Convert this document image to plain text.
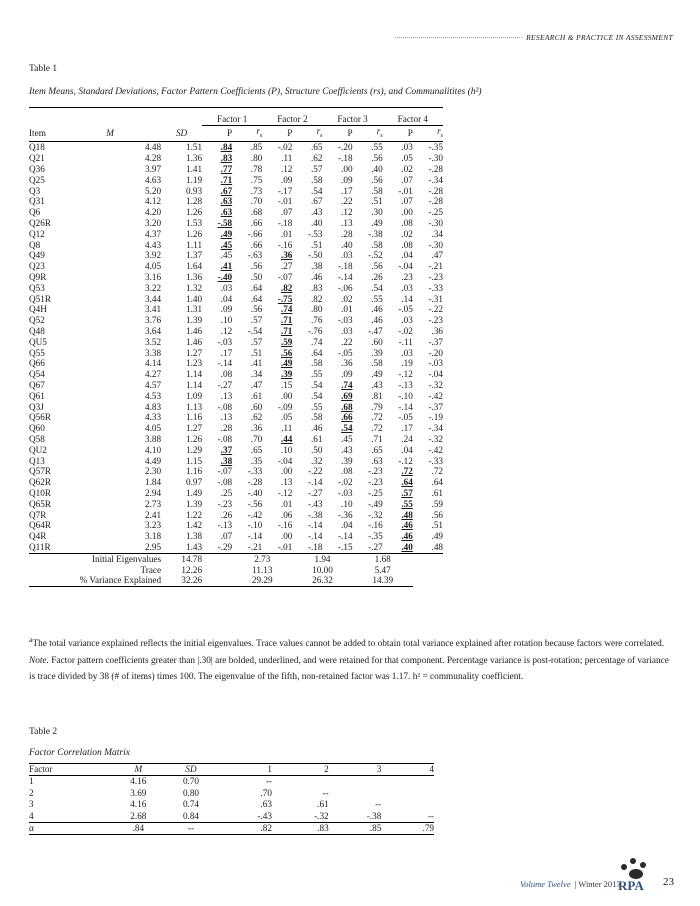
RESEARCH & PRACTICE IN ASSESSMENT
Table 1
Item Means, Standard Deviations, Factor Pattern Coefficients (P), Structure Coefficients (rs), and Communalitites (h²)

			Factor 1		Factor 2		Factor 3		Factor 4	
Item	M	SD	P	$r_s$	P	$r_s$	P	$r_s$	P	$r_s$
Q18	4.48	1.51	.84	.85	-.02	.65	-.20	.55	.03	-.35
Q21	4.28	1.36	.83	.80	.11	.62	-.18	.56	.05	-.30
Q36	3.97	1.41	.77	.78	.12	.57	.00	.40	.02	-.28
Q25	4.63	1.19	.71	.75	.09	.58	.09	.56	.07	-.34
Q3	5.20	0.93	.67	.73	-.17	.54	.17	.58	-.01	-.28
Q31	4.12	1.28	.63	.70	-.01	.67	.22	.51	.07	-.28
Q6	4.20	1.26	.63	.68	.07	.43	.12	.30	.00	-.25
Q26R	3.20	1.53	-.58	.66	-.18	.40	.13	.49	.08	-.30
Q12	4.37	1.26	.49	-.66	.01	-.53	.28	-.38	.02	.34
Q8	4.43	1.11	.45	.66	-.16	.51	.40	.58	.08	-.30
Q49	3.92	1.37	.45	-.63	.36	-.50	.03	-.52	.04	.47
Q23	4.05	1.64	.41	.56	.27	.38	-.18	.56	-.04	-.21
Q9R	3.16	1.36	-.40	.50	-.07	.46	-.14	.26	.23	-.23
Q53	3.22	1.32	.03	.64	.82	.83	-.06	.54	.03	-.33
Q51R	3.44	1.40	.04	.64	-.75	.82	.02	.55	.14	-.31
Q4H	3.41	1.31	.09	.56	.74	.80	.01	.46	-.05	-.22
Q52	3.76	1.39	.10	.57	.71	.76	-.03	.46	.03	-.23
Q48	3.64	1.46	.12	-.54	.71	-.76	.03	-.47	-.02	.36
QU5	3.52	1.46	-.03	.57	.59	.74	.22	.60	-.11	-.37
Q55	3.38	1.27	.17	.51	.56	.64	-.05	.39	.03	-.20
Q66	4.14	1.23	-.14	.41	.49	.58	.36	.58	.19	-.03
Q54	4.27	1.14	.08	.34	.39	.55	.09	.49	-.12	-.04
Q67	4.57	1.14	-.27	.47	.15	.54	.74	.43	-.13	-.32
Q61	4.53	1.09	.13	.61	.00	.54	.69	.81	-.10	-.42
Q3J	4.83	1.13	-.08	.60	-.09	.55	.68	.79	-.14	-.37
Q56R	4.33	1.16	.13	.62	.05	.58	.66	.72	-.05	-.19
Q60	4.05	1.27	.28	.36	.11	.46	.54	.72	.17	-.34
Q58	3.88	1.26	-.08	.70	.44	.61	.45	.71	.24	-.32
QU2	4.10	1.29	.37	.65	.10	.50	.43	.65	.04	-.42
Q13	4.49	1.15	.38	.35	-.04	.32	.39	.63	-.12	-.33
Q57R	2.30	1.16	-.07	-.33	.00	-.22	.08	-.23	.72	.72
Q62R	1.84	0.97	-.08	-.28	.13	-.14	-.02	-.23	.64	.64
Q10R	2.94	1.49	.25	-.40	-.12	-.27	-.03	-.25	.57	.61
Q65R	2.73	1.39	-.23	-.56	.01	-.43	.10	-.49	.55	.59
Q7R	2.41	1.22	.26	-.42	.06	-.38	-.36	-.32	.48	.56
Q64R	3.23	1.42	-.13	-.10	-.16	-.14	.04	-.16	.46	.51
Q4R	3.18	1.38	.07	-.14	.00	-.14	-.14	-.35	.46	.49
Q11R	2.95	1.43	-.29	-.21	-.01	-.18	-.15	-.27	.40	.48
Initial Eigenvalues		14.78		2.73		1.94		1.68		
Trace		12.26		11.13		10.00		5.47		
% Variance Explained		32.26		29.29		26.32		14.39		

$^a$The total variance explained reflects the initial eigenvalues. Trace values cannot be added to obtain total variance explained after rotation because factors were correlated.

Note. Factor pattern coefficients greater than |.30| are bolded, underlined, and were retained for that component. Percentage variance is post-rotation; percentage of variance is trace divided by 38 (# of items) times 100. The eigenvalue of the fifth, non-retained factor was 1.17. h² = communality coefficient.

Table 2
Factor Correlation Matrix
Factor	M	SD	1	2	3	4
1	4.16	0.70	--			
2	3.69	0.80	.70	--		
3	4.16	0.74	.63	.61	--	
4	2.68	0.84	-.43	-.32	-.38	--
α	.84	--	.82	.83	.85	.79
Volume Twelve | Winter 2017
RPA 23
